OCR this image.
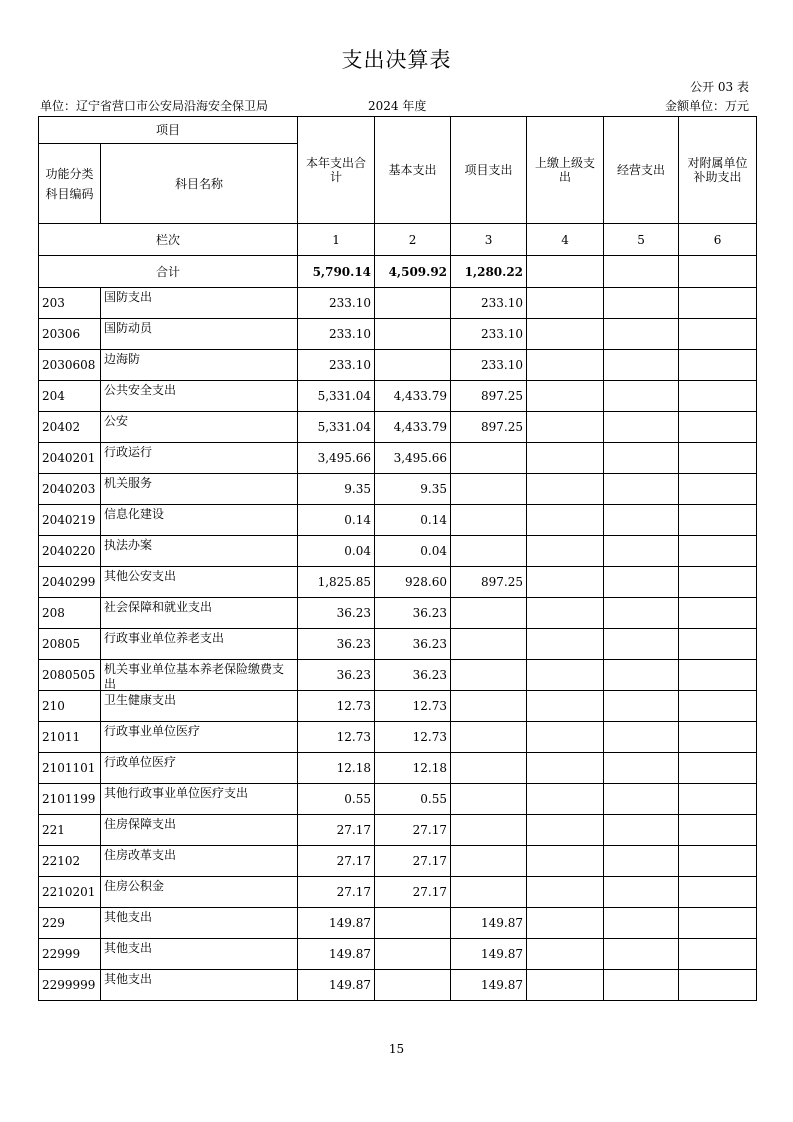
支出决算表
公开 03 表
单位：辽宁省营口市公安局沿海安全保卫局	2024 年度	金额单位：万元
项目		本年支出合计	基本支出	项目支出	上缴上级支出	经营支出	对附属单位补助支出
功能分类科目编码	科目名称						
栏次		1	2	3	4	5	6
合计		5,790.14	4,509.92	1,280.22			
203	国防支出	233.10		233.10			
20306	国防动员	233.10		233.10			
2030608	边海防	233.10		233.10			
204	公共安全支出	5,331.04	4,433.79	897.25			
20402	公安	5,331.04	4,433.79	897.25			
2040201	行政运行	3,495.66	3,495.66				
2040203	机关服务	9.35	9.35				
2040219	信息化建设	0.14	0.14				
2040220	执法办案	0.04	0.04				
2040299	其他公安支出	1,825.85	928.60	897.25			
208	社会保障和就业支出	36.23	36.23				
20805	行政事业单位养老支出	36.23	36.23				
2080505	机关事业单位基本养老保险缴费支出	36.23	36.23				
210	卫生健康支出	12.73	12.73				
21011	行政事业单位医疗	12.73	12.73				
2101101	行政单位医疗	12.18	12.18				
2101199	其他行政事业单位医疗支出	0.55	0.55				
221	住房保障支出	27.17	27.17				
22102	住房改革支出	27.17	27.17				
2210201	住房公积金	27.17	27.17				
229	其他支出	149.87		149.87			
22999	其他支出	149.87		149.87			
2299999	其他支出	149.87		149.87			
15
